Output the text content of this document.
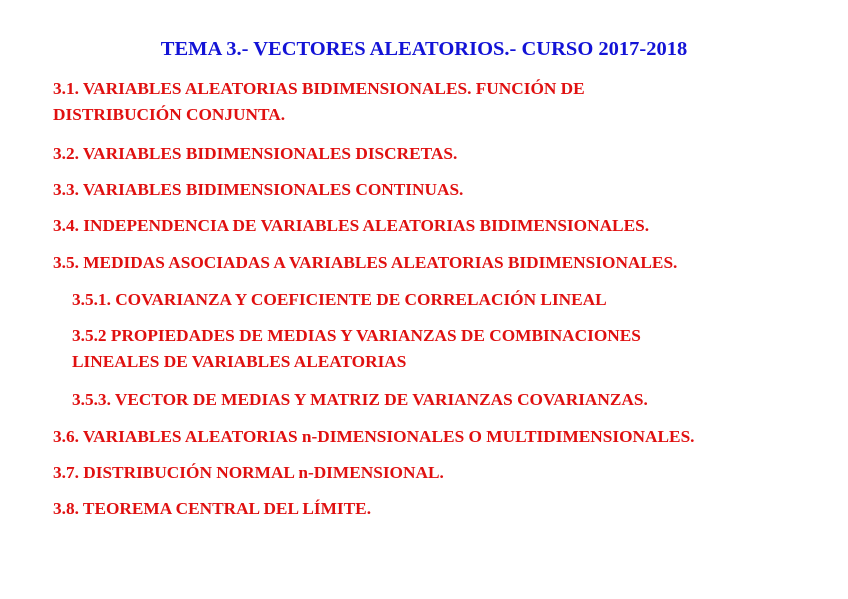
TEMA 3.- VECTORES ALEATORIOS.- CURSO 2017-2018
3.1. VARIABLES ALEATORIAS BIDIMENSIONALES. FUNCIÓN DE
DISTRIBUCIÓN CONJUNTA.
3.2. VARIABLES BIDIMENSIONALES DISCRETAS.
3.3. VARIABLES BIDIMENSIONALES CONTINUAS.
3.4. INDEPENDENCIA DE VARIABLES ALEATORIAS BIDIMENSIONALES.
3.5. MEDIDAS ASOCIADAS A VARIABLES ALEATORIAS BIDIMENSIONALES.
3.5.1. COVARIANZA Y COEFICIENTE DE CORRELACIÓN LINEAL
3.5.2 PROPIEDADES DE MEDIAS Y VARIANZAS DE COMBINACIONES
LINEALES DE VARIABLES ALEATORIAS
3.5.3. VECTOR DE MEDIAS Y MATRIZ DE VARIANZAS COVARIANZAS.
3.6. VARIABLES ALEATORIAS n-DIMENSIONALES O MULTIDIMENSIONALES.
3.7. DISTRIBUCIÓN NORMAL n-DIMENSIONAL.
3.8. TEOREMA CENTRAL DEL LÍMITE.
